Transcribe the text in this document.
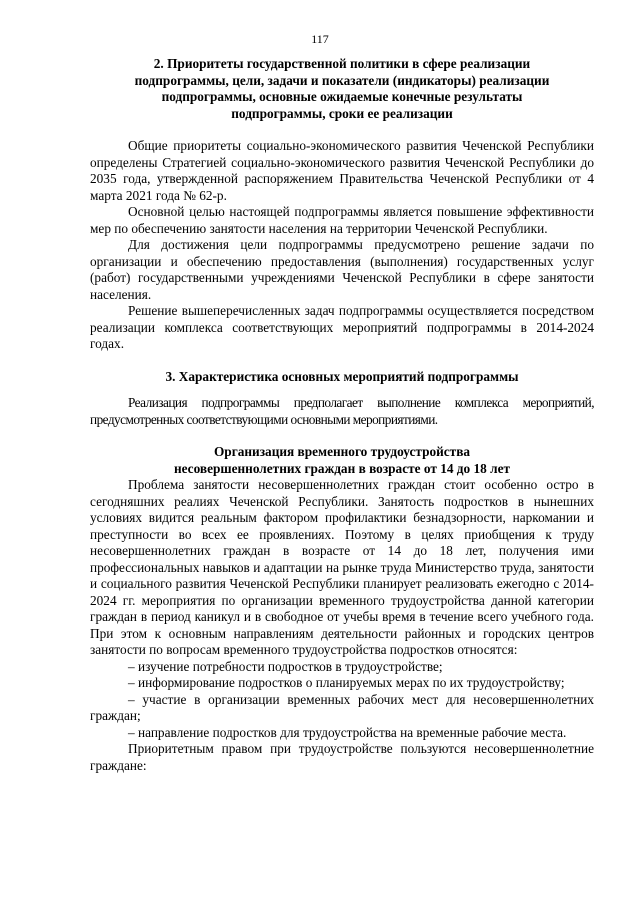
117
2. Приоритеты государственной политики в сфере реализации
подпрограммы, цели, задачи и показатели (индикаторы) реализации
подпрограммы, основные ожидаемые конечные результаты
подпрограммы, сроки ее реализации

Общие приоритеты социально-экономического развития Чеченской Республики определены Стратегией социально-экономического развития Чеченской Республики до 2035 года, утвержденной распоряжением Правительства Чеченской Республики от 4 марта 2021 года № 62-р.

Основной целью настоящей подпрограммы является повышение эффективности мер по обеспечению занятости населения на территории Чеченской Республики.

Для достижения цели подпрограммы предусмотрено решение задачи по организации и обеспечению предоставления (выполнения) государственных услуг (работ) государственными учреждениями Чеченской Республики в сфере занятости населения.

Решение вышеперечисленных задач подпрограммы осуществляется посредством реализации комплекса соответствующих мероприятий подпрограммы в 2014-2024 годах.

3. Характеристика основных мероприятий подпрограммы

Реализация подпрограммы предполагает выполнение комплекса мероприятий, предусмотренных соответствующими основными мероприятиями.

Организация временного трудоустройства
несовершеннолетних граждан в возрасте от 14 до 18 лет

Проблема занятости несовершеннолетних граждан стоит особенно остро в сегодняшних реалиях Чеченской Республики. Занятость подростков в нынешних условиях видится реальным фактором профилактики безнадзорности, наркомании и преступности во всех ее проявлениях. Поэтому в целях приобщения к труду несовершеннолетних граждан в возрасте от 14 до 18 лет, получения ими профессиональных навыков и адаптации на рынке труда Министерство труда, занятости и социального развития Чеченской Республики планирует реализовать ежегодно с 2014-2024 гг. мероприятия по организации временного трудоустройства данной категории граждан в период каникул и в свободное от учебы время в течение всего учебного года. При этом к основным направлениям деятельности районных и городских центров занятости по вопросам временного трудоустройства подростков относятся:

– изучение потребности подростков в трудоустройстве;

– информирование подростков о планируемых мерах по их трудоустройству;

– участие в организации временных рабочих мест для несовершеннолетних граждан;

– направление подростков для трудоустройства на временные рабочие места.

Приоритетным правом при трудоустройстве пользуются несовершеннолетние граждане:
